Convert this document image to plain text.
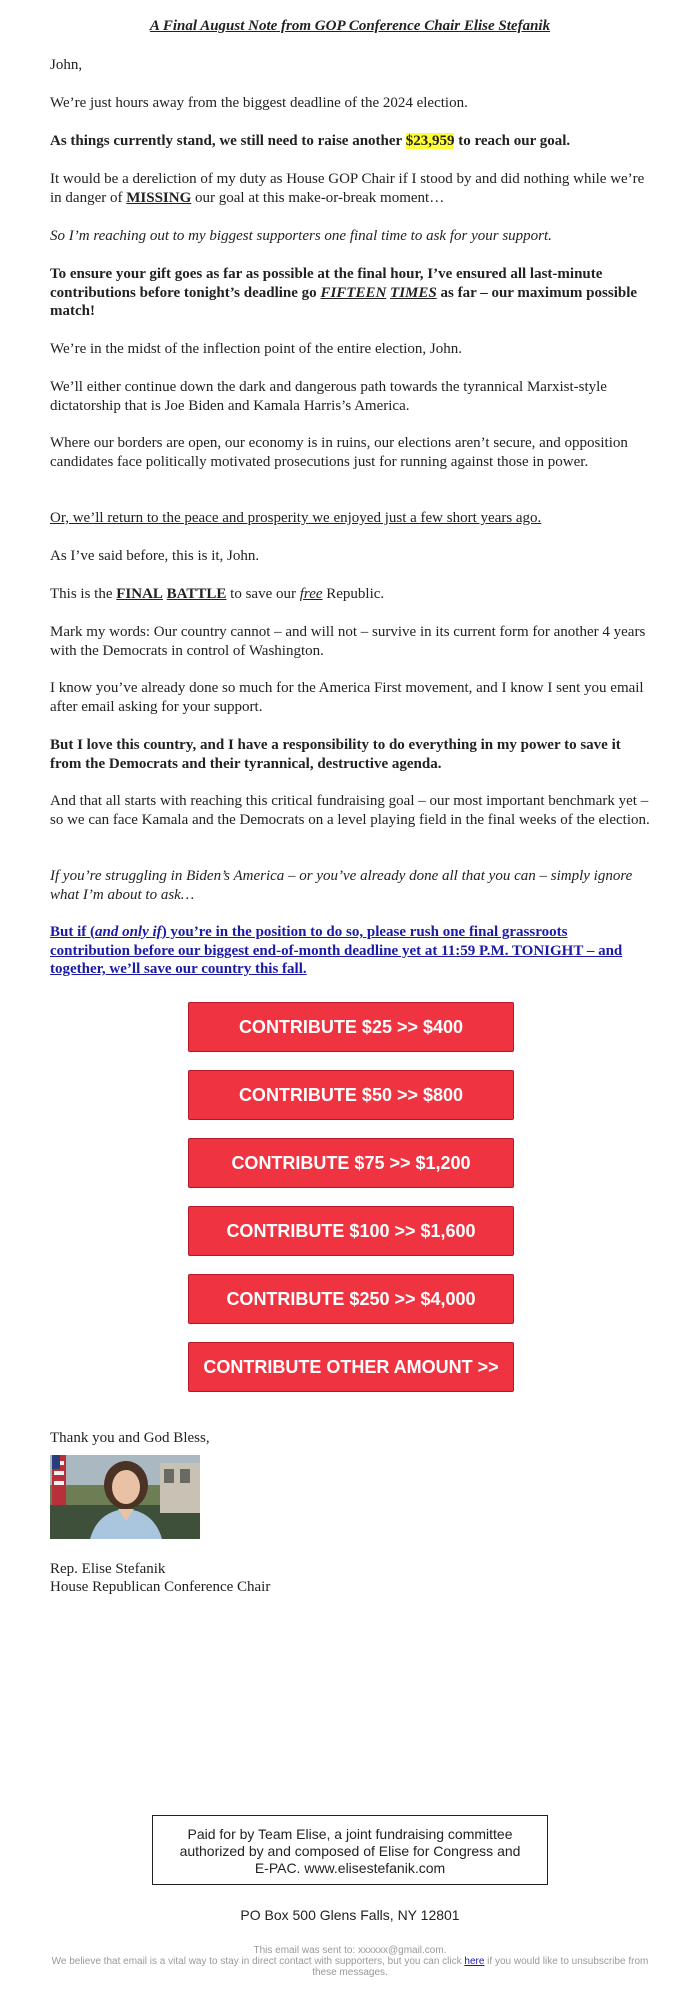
A Final August Note from GOP Conference Chair Elise Stefanik

John,

We’re just hours away from the biggest deadline of the 2024 election.

As things currently stand, we still need to raise another $23,959 to reach our goal.

It would be a dereliction of my duty as House GOP Chair if I stood by and did nothing while we’re in danger of MISSING our goal at this make-or-break moment…

So I’m reaching out to my biggest supporters one final time to ask for your support.

To ensure your gift goes as far as possible at the final hour, I’ve ensured all last-minute contributions before tonight’s deadline go FIFTEEN TIMES as far – our maximum possible match!

We’re in the midst of the inflection point of the entire election, John.

We’ll either continue down the dark and dangerous path towards the tyrannical Marxist-style dictatorship that is Joe Biden and Kamala Harris’s America.

Where our borders are open, our economy is in ruins, our elections aren’t secure, and opposition candidates face politically motivated prosecutions just for running against those in power.

Or, we’ll return to the peace and prosperity we enjoyed just a few short years ago.

As I’ve said before, this is it, John.

This is the FINAL BATTLE to save our free Republic.

Mark my words: Our country cannot – and will not – survive in its current form for another 4 years with the Democrats in control of Washington.

I know you’ve already done so much for the America First movement, and I know I sent you email after email asking for your support.

But I love this country, and I have a responsibility to do everything in my power to save it from the Democrats and their tyrannical, destructive agenda.

And that all starts with reaching this critical fundraising goal – our most important benchmark yet – so we can face Kamala and the Democrats on a level playing field in the final weeks of the election.

If you’re struggling in Biden’s America – or you’ve already done all that you can – simply ignore what I’m about to ask…

But if (and only if) you’re in the position to do so, please rush one final grassroots contribution before our biggest end-of-month deadline yet at 11:59 P.M. TONIGHT – and together, we’ll save our country this fall.

CONTRIBUTE $25 >> $400
CONTRIBUTE $50 >> $800
CONTRIBUTE $75 >> $1,200
CONTRIBUTE $100 >> $1,600
CONTRIBUTE $250 >> $4,000
CONTRIBUTE OTHER AMOUNT >>

Thank you and God Bless,

Rep. Elise Stefanik

House Republican Conference Chair

Paid for by Team Elise, a joint fundraising committee authorized by and composed of Elise for Congress and E-PAC. www.elisestefanik.com
PO Box 500 Glens Falls, NY 12801
This email was sent to: xxxxxx@gmail.com.
We believe that email is a vital way to stay in direct contact with supporters, but you can click here if you would like to unsubscribe from these messages.
